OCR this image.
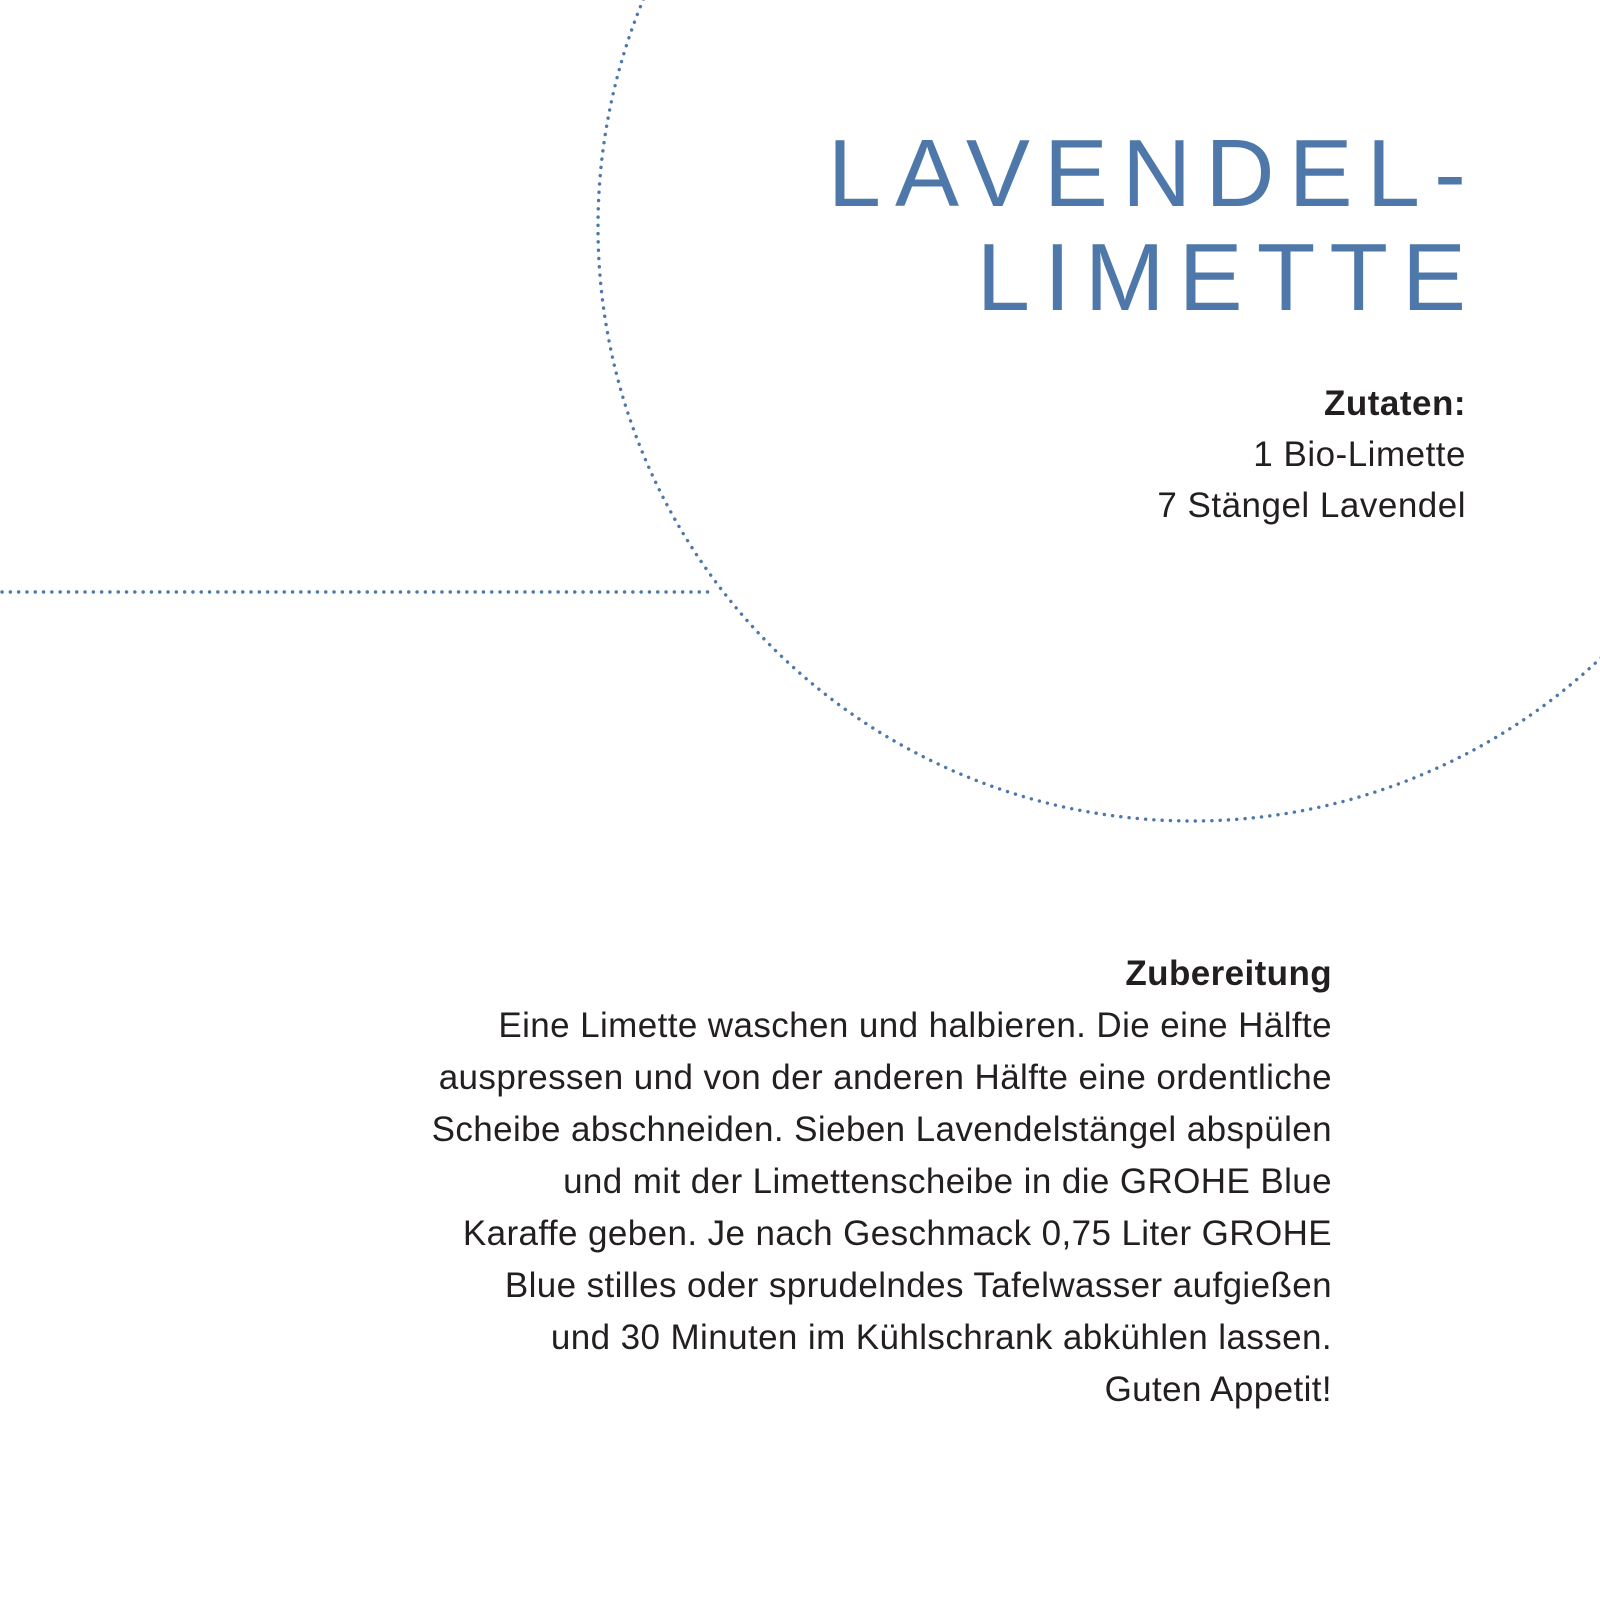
LAVENDEL-
LIMETTE
Zutaten:
1 Bio-Limette
7 Stängel Lavendel
Zubereitung
Eine Limette waschen und halbieren. Die eine Hälfte
auspressen und von der anderen Hälfte eine ordentliche
Scheibe abschneiden. Sieben Lavendelstängel abspülen
und mit der Limettenscheibe in die GROHE Blue
Karaffe geben. Je nach Geschmack 0,75 Liter GROHE
Blue stilles oder sprudelndes Tafelwasser aufgießen
und 30 Minuten im Kühlschrank abkühlen lassen.
Guten Appetit!
